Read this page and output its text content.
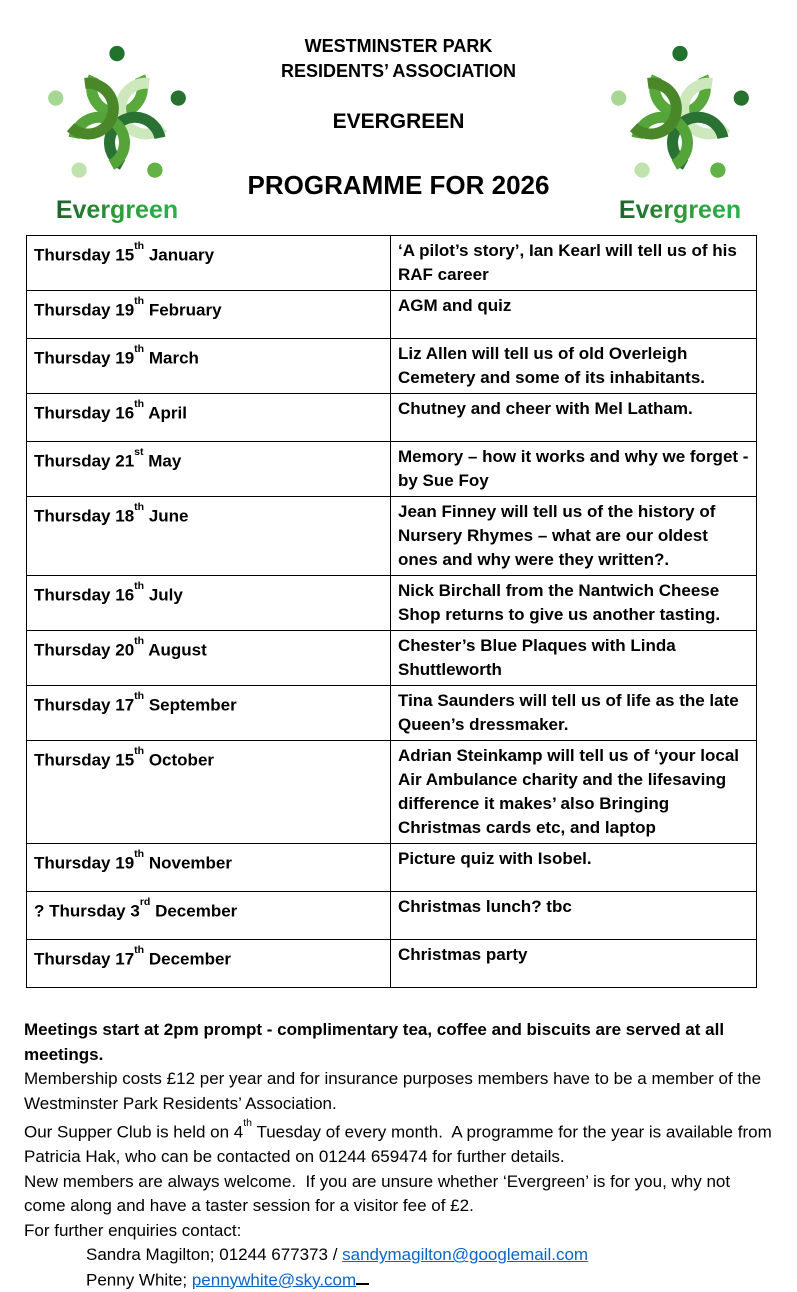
Evergreen
WESTMINSTER PARK
RESIDENTS’ ASSOCIATION
EVERGREEN
PROGRAMME FOR 2026
Evergreen
Thursday 15th January	‘A pilot’s story’, Ian Kearl will tell us of his RAF career
Thursday 19th February	AGM and quiz
Thursday 19th March	Liz Allen will tell us of old Overleigh Cemetery and some of its inhabitants.
Thursday 16th April	Chutney and cheer with Mel Latham.
Thursday 21st May	Memory – how it works and why we forget -  by Sue Foy
Thursday 18th June	Jean Finney will tell us of the history of Nursery Rhymes – what are our oldest ones and why were they written?.
Thursday 16th July	Nick Birchall from the Nantwich Cheese Shop returns to give us another tasting.
Thursday 20th August	Chester’s Blue Plaques with Linda Shuttleworth
Thursday 17th September	Tina Saunders will tell us of life as the late Queen’s dressmaker.
Thursday 15th October	Adrian Steinkamp will tell us of ‘your local Air Ambulance charity and the lifesaving difference it makes’ also Bringing Christmas cards etc, and laptop
Thursday 19th November	Picture quiz with Isobel.
? Thursday 3rd December	Christmas lunch? tbc
Thursday 17th December	Christmas party

Meetings start at 2pm prompt - complimentary tea, coffee and biscuits are served at all meetings.

Membership costs £12 per year and for insurance purposes members have to be a member of the Westminster Park Residents’ Association.

Our Supper Club is held on 4th Tuesday of every month.  A programme for the year is available from Patricia Hak, who can be contacted on 01244 659474 for further details.

New members are always welcome.  If you are unsure whether ‘Evergreen’ is for you, why not come along and have a taster session for a visitor fee of £2.

For further enquiries contact:

Sandra Magilton; 01244 677373 / sandymagilton@googlemail.com

Penny White; pennywhite@sky.com
